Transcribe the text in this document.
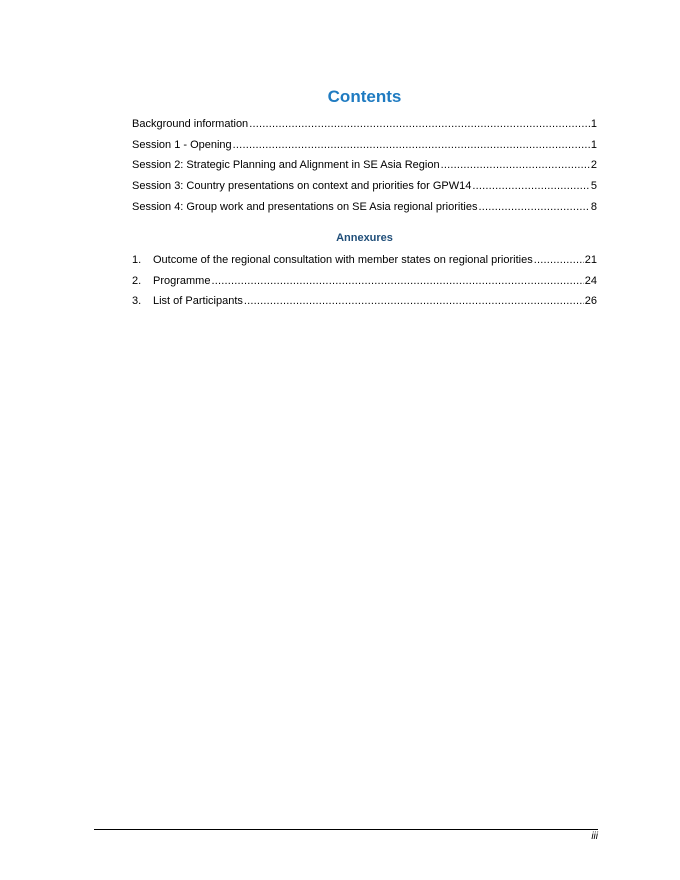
Contents
Background information .....	1
Session 1 - Opening .....	1
Session 2: Strategic Planning and Alignment in SE Asia Region .....	2
Session 3: Country presentations on context and priorities for GPW14 .....	5
Session 4: Group work and presentations on SE Asia regional priorities .....	8
Annexures
1.	Outcome of the regional consultation with member states on regional priorities .....	21
2.	Programme .....	24
3.	List of Participants .....	26
iii
